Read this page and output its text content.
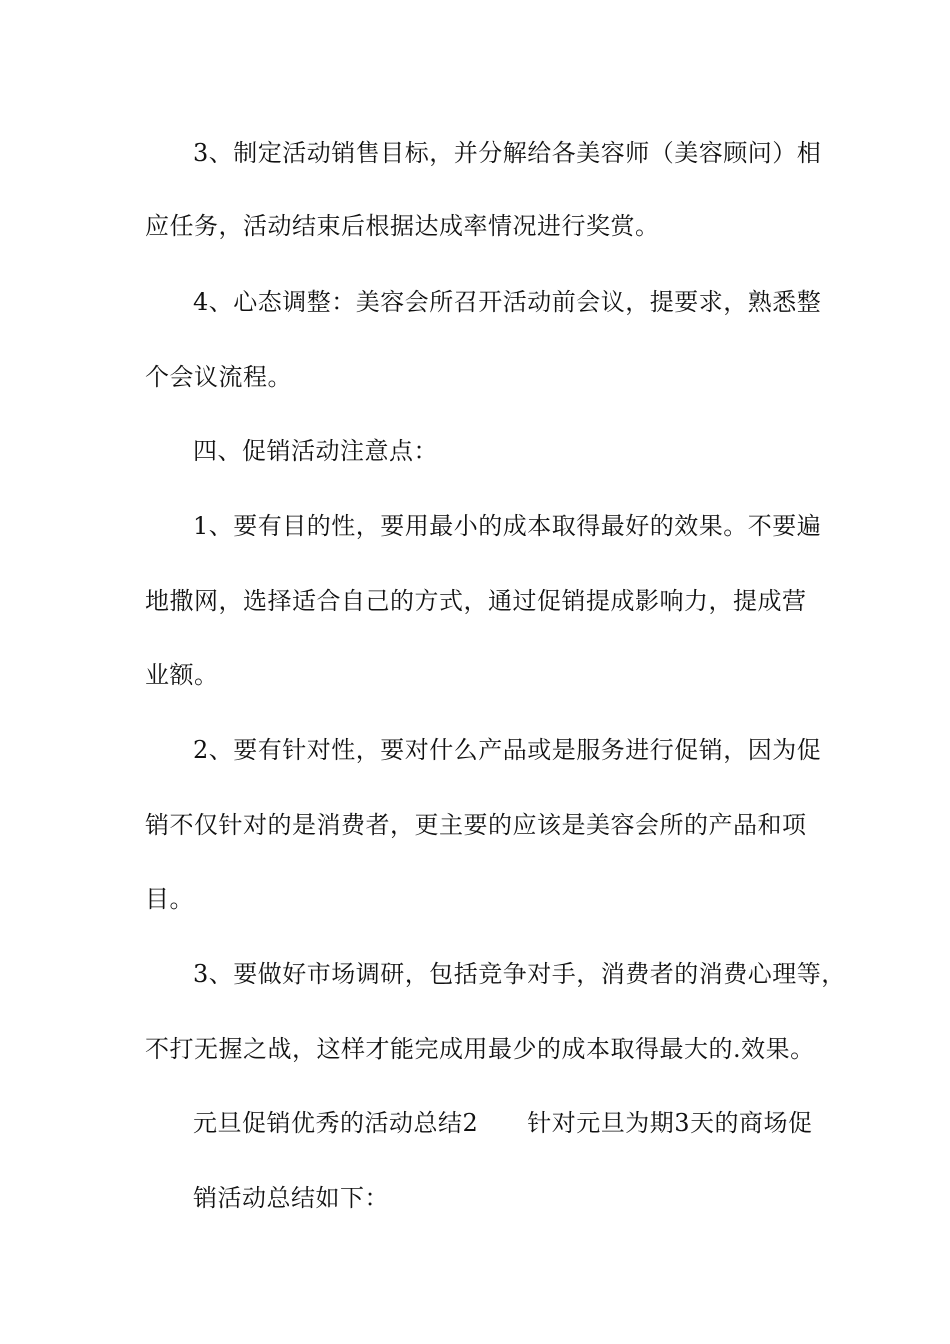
3、制定活动销售目标，并分解给各美容师（美容顾问）相
应任务，活动结束后根据达成率情况进行奖赏。
4、心态调整：美容会所召开活动前会议，提要求，熟悉整
个会议流程。
四、促销活动注意点：
1、要有目的性，要用最小的成本取得最好的效果。不要遍
地撒网，选择适合自己的方式，通过促销提成影响力，提成营
业额。
2、要有针对性，要对什么产品或是服务进行促销，因为促
销不仅针对的是消费者，更主要的应该是美容会所的产品和项
目。
3、要做好市场调研，包括竞争对手，消费者的消费心理等，
不打无握之战，这样才能完成用最少的成本取得最大的.效果。
元旦促销优秀的活动总结2　　针对元旦为期3天的商场促
销活动总结如下：
